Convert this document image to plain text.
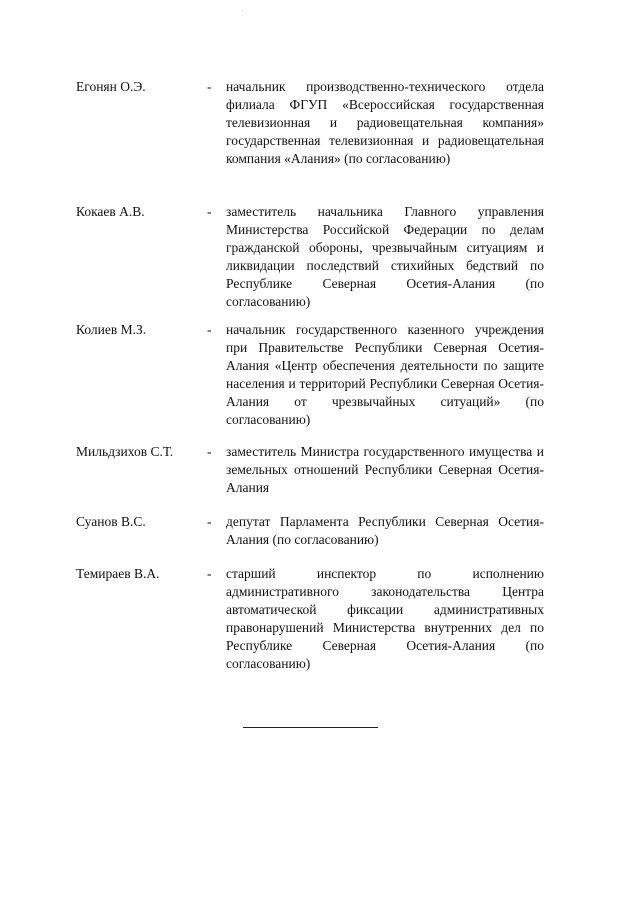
Егонян О.Э.	-	начальник производственно-технического отдела филиала ФГУП «Всероссийская государственная телевизионная и радиовещательная компания» государственная телевизионная и радиовещательная компания «Алания» (по согласованию)
Кокаев А.В.	-	заместитель начальника Главного управления Министерства Российской Федерации по делам гражданской обороны, чрезвычайным ситуациям и ликвидации последствий стихийных бедствий по Республике Северная Осетия-Алания (по согласованию)
Колиев М.З.	-	начальник государственного казенного учреждения при Правительстве Республики Северная Осетия-Алания «Центр обеспечения деятельности по защите населения и территорий Республики Северная Осетия-Алания от чрезвычайных ситуаций» (по согласованию)
Мильдзихов С.Т.	-	заместитель Министра государственного имущества и земельных отношений Республики Северная Осетия-Алания
Суанов В.С.	-	депутат Парламента Республики Северная Осетия-Алания (по согласованию)
Темираев В.А.	-	старший инспектор по исполнению административного законодательства Центра автоматической фиксации административных правонарушений Министерства внутренних дел по Республике Северная Осетия-Алания (по согласованию)
